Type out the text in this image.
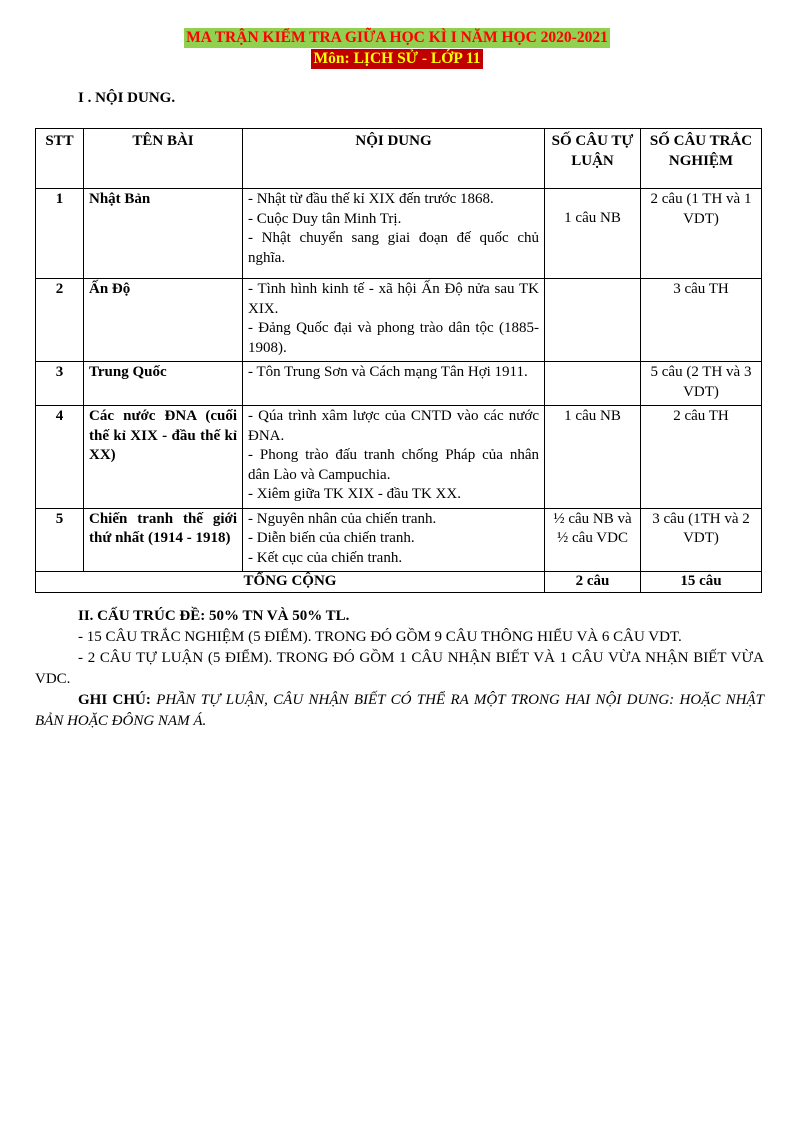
MA TRẬN KIỂM TRA GIỮA HỌC KÌ I NĂM HỌC 2020-2021
Môn: LỊCH SỬ - LỚP 11
I . NỘI DUNG.
STT	TÊN BÀI	NỘI DUNG	SỐ CÂU TỰ LUẬN	SỐ CÂU TRẮC NGHIỆM
1	Nhật Bản	- Nhật từ đầu thế kỉ XIX đến trước 1868.
- Cuộc Duy tân Minh Trị.
- Nhật chuyển sang giai đoạn đế quốc chủ nghĩa.	1 câu NB	2 câu (1 TH và 1 VDT)
2	Ấn Độ	- Tình hình kinh tế - xã hội Ấn Độ nửa sau TK XIX.
- Đảng Quốc đại và phong trào dân tộc (1885- 1908).		3 câu TH
3	Trung Quốc	- Tôn Trung Sơn và Cách mạng Tân Hợi 1911.		5 câu (2 TH và 3 VDT)
4	Các nước ĐNA (cuối thế kỉ XIX - đầu thế kỉ XX)	- Qúa trình xâm lược của CNTD vào các nước ĐNA.
- Phong trào đấu tranh chống Pháp của nhân dân Lào và Campuchia.
- Xiêm giữa TK XIX - đầu TK XX.	1 câu NB	2 câu TH
5	Chiến tranh thế giới thứ nhất (1914 - 1918)	- Nguyên nhân của chiến tranh.
- Diễn biến của chiến tranh.
- Kết cục của chiến tranh.	½ câu NB và ½ câu VDC	3 câu (1TH và 2 VDT)
TỔNG CỘNG			2 câu	15 câu

II. CẤU TRÚC ĐỀ: 50% TN VÀ 50% TL.

- 15 CÂU TRẮC NGHIỆM (5 ĐIỂM). TRONG ĐÓ GỒM 9 CÂU THÔNG HIỂU VÀ 6 CÂU VDT.

- 2 CÂU TỰ LUẬN (5 ĐIỂM). TRONG ĐÓ GỒM 1 CÂU NHẬN BIẾT VÀ 1 CÂU VỪA NHẬN BIẾT VỪA VDC.

GHI CHÚ: PHẦN TỰ LUẬN, CÂU NHẬN BIẾT CÓ THỂ RA MỘT TRONG HAI NỘI DUNG: HOẶC NHẬT BẢN HOẶC ĐÔNG NAM Á.
